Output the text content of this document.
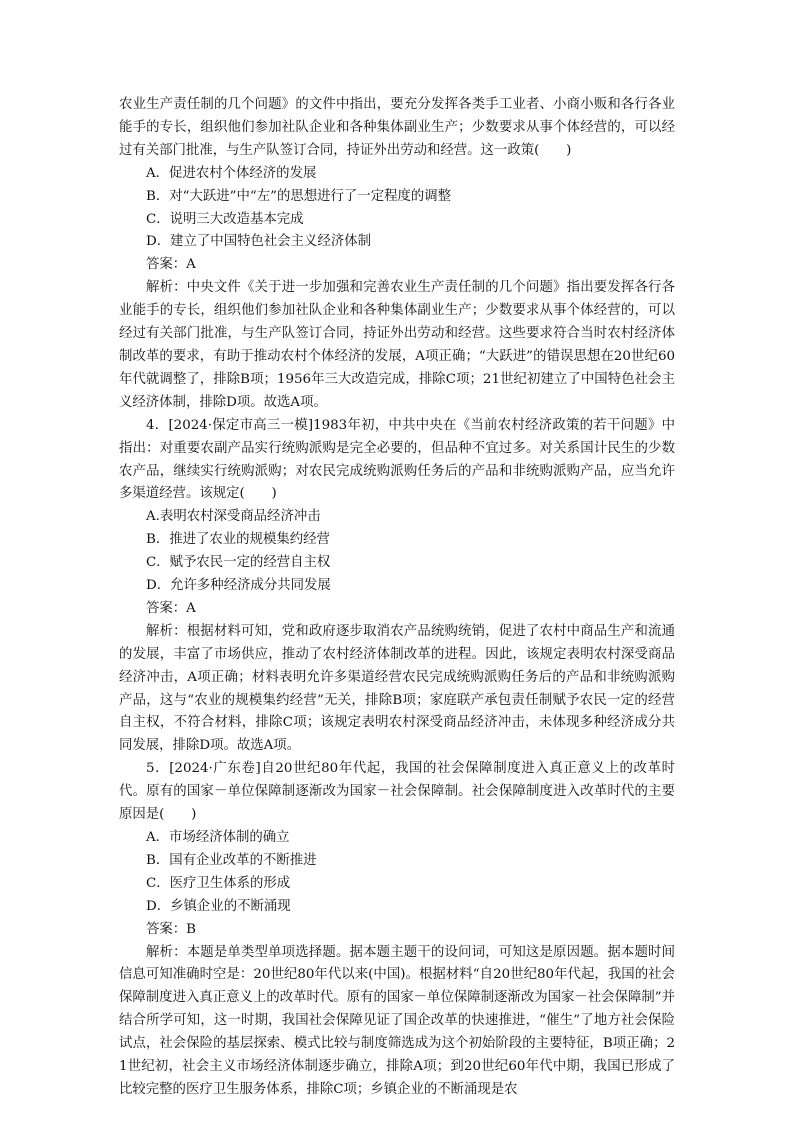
农业生产责任制的几个问题》的文件中指出，要充分发挥各类手工业者、小商小贩和各行各业能手的专长，组织他们参加社队企业和各种集体副业生产；少数要求从事个体经营的，可以经过有关部门批准，与生产队签订合同，持证外出劳动和经营。这一政策(　　)

A．促进农村个体经济的发展

B．对“大跃进”中“左”的思想进行了一定程度的调整

C．说明三大改造基本完成

D．建立了中国特色社会主义经济体制

答案：A

解析：中央文件《关于进一步加强和完善农业生产责任制的几个问题》指出要发挥各行各业能手的专长，组织他们参加社队企业和各种集体副业生产；少数要求从事个体经营的，可以经过有关部门批准，与生产队签订合同，持证外出劳动和经营。这些要求符合当时农村经济体制改革的要求，有助于推动农村个体经济的发展，A项正确；“大跃进”的错误思想在20世纪60年代就调整了，排除B项；1956年三大改造完成，排除C项；21世纪初建立了中国特色社会主义经济体制，排除D项。故选A项。

4．[2024·保定市高三一模]1983年初，中共中央在《当前农村经济政策的若干问题》中指出：对重要农副产品实行统购派购是完全必要的，但品种不宜过多。对关系国计民生的少数农产品，继续实行统购派购；对农民完成统购派购任务后的产品和非统购派购产品，应当允许多渠道经营。该规定(　　)

A.表明农村深受商品经济冲击

B．推进了农业的规模集约经营

C．赋予农民一定的经营自主权

D．允许多种经济成分共同发展

答案：A

解析：根据材料可知，党和政府逐步取消农产品统购统销，促进了农村中商品生产和流通的发展，丰富了市场供应，推动了农村经济体制改革的进程。因此，该规定表明农村深受商品经济冲击，A项正确；材料表明允许多渠道经营农民完成统购派购任务后的产品和非统购派购产品，这与“农业的规模集约经营”无关，排除B项；家庭联产承包责任制赋予农民一定的经营自主权，不符合材料，排除C项；该规定表明农村深受商品经济冲击，未体现多种经济成分共同发展，排除D项。故选A项。

5．[2024·广东卷]自20世纪80年代起，我国的社会保障制度进入真正意义上的改革时代。原有的国家－单位保障制逐渐改为国家－社会保障制。社会保障制度进入改革时代的主要原因是(　　)

A．市场经济体制的确立

B．国有企业改革的不断推进

C．医疗卫生体系的形成

D．乡镇企业的不断涌现

答案：B

解析：本题是单类型单项选择题。据本题主题干的设问词，可知这是原因题。据本题时间信息可知准确时空是：20世纪80年代以来(中国)。根据材料“自20世纪80年代起，我国的社会保障制度进入真正意义上的改革时代。原有的国家－单位保障制逐渐改为国家－社会保障制”并结合所学可知，这一时期，我国社会保障见证了国企改革的快速推进，“催生”了地方社会保险试点，社会保险的基层探索、模式比较与制度筛选成为这个初始阶段的主要特征，B项正确；21世纪初，社会主义市场经济体制逐步确立，排除A项；到20世纪60年代中期，我国已形成了比较完整的医疗卫生服务体系，排除C项；乡镇企业的不断涌现是农
